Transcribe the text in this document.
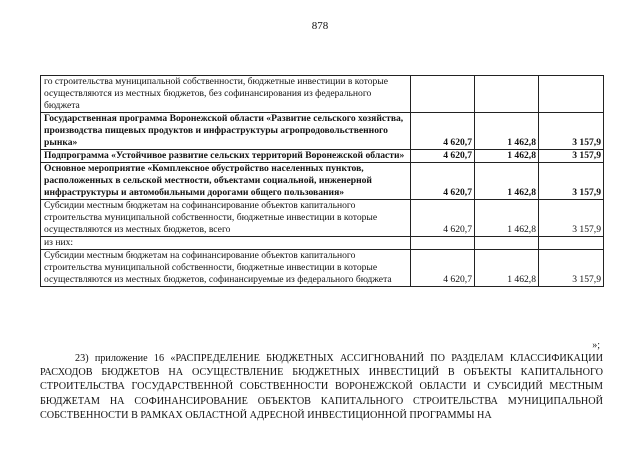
878
го строительства муниципальной собственности, бюджетные инвестиции в которые осуществляются из местных бюджетов, без софинансирования из федерального бюджета			
Государственная программа Воронежской области «Развитие сельского хозяйства, производства пищевых продуктов и инфраструктуры агропродовольственного рынка»	4 620,7	1 462,8	3 157,9
Подпрограмма «Устойчивое развитие сельских территорий Воронежской области»	4 620,7	1 462,8	3 157,9
Основное мероприятие «Комплексное обустройство населенных пунктов, расположенных в сельской местности, объектами социальной, инженерной инфраструктуры и автомобильными дорогами общего пользования»	4 620,7	1 462,8	3 157,9
Субсидии местным бюджетам на софинансирование объектов капитального строительства муниципальной собственности, бюджетные инвестиции в которые осуществляются из местных бюджетов, всего	4 620,7	1 462,8	3 157,9
из них:			
Субсидии местным бюджетам на софинансирование объектов капитального строительства муниципальной собственности, бюджетные инвестиции в которые осуществляются из местных бюджетов, софинансируемые из федерального бюджета	4 620,7	1 462,8	3 157,9
»;
23) приложение 16 «РАСПРЕДЕЛЕНИЕ БЮДЖЕТНЫХ АССИГНОВАНИЙ ПО РАЗДЕЛАМ КЛАССИФИКАЦИИ РАСХОДОВ БЮДЖЕТОВ НА ОСУЩЕСТВЛЕНИЕ БЮДЖЕТНЫХ ИНВЕСТИЦИЙ В ОБЪЕКТЫ КАПИТАЛЬНОГО СТРОИТЕЛЬСТВА ГОСУДАРСТВЕННОЙ СОБСТВЕННОСТИ ВОРОНЕЖСКОЙ ОБЛАСТИ И СУБСИДИЙ МЕСТНЫМ БЮДЖЕТАМ НА СОФИНАНСИРОВАНИЕ ОБЪЕКТОВ КАПИТАЛЬНОГО СТРОИТЕЛЬСТВА МУНИЦИПАЛЬНОЙ СОБСТВЕННОСТИ В РАМКАХ ОБЛАСТНОЙ АДРЕСНОЙ ИНВЕСТИЦИОННОЙ ПРОГРАММЫ НА
